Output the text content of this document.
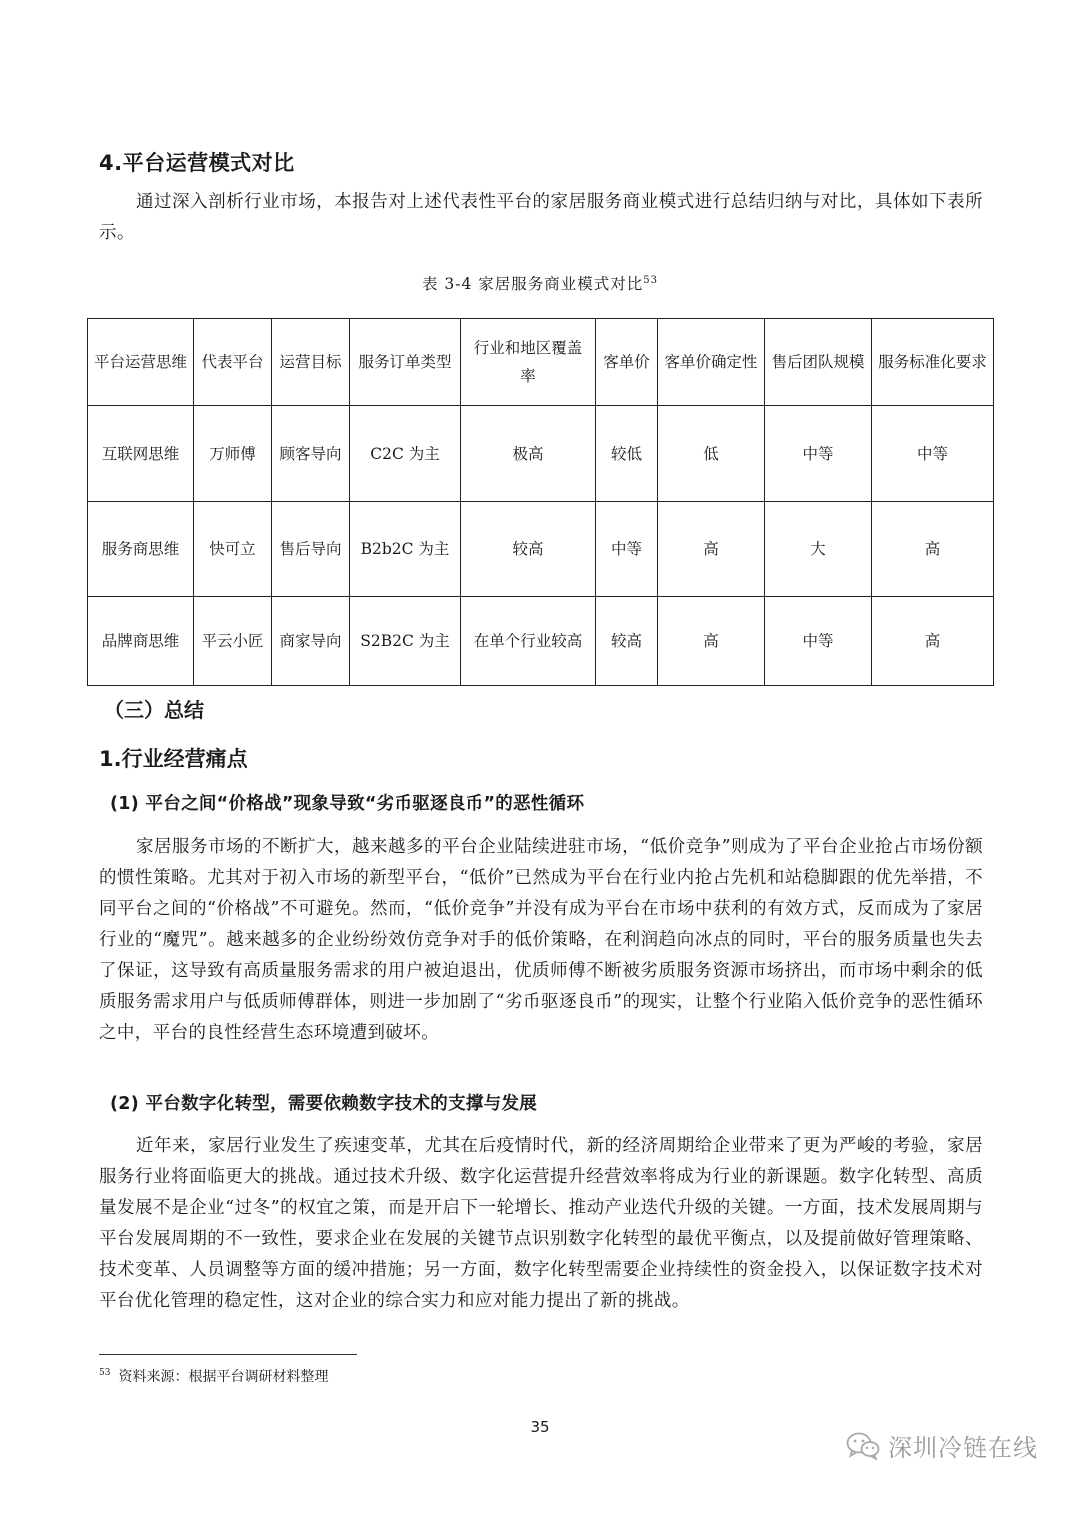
4.平台运营模式对比

通过深入剖析行业市场，本报告对上述代表性平台的家居服务商业模式进行总结归纳与对比，具体如下表所示。

表 3-4 家居服务商业模式对比$^{53}$
平台运营思维	代表平台	运营目标	服务订单类型	行业和地区覆盖率	客单价	客单价确定性	售后团队规模	服务标准化要求
互联网思维	万师傅	顾客导向	C2C 为主	极高	较低	低	中等	中等
服务商思维	快可立	售后导向	B2b2C 为主	较高	中等	高	大	高
品牌商思维	平云小匠	商家导向	S2B2C 为主	在单个行业较高	较高	高	中等	高
（三）总结
1.行业经营痛点
(1) 平台之间“价格战”现象导致“劣币驱逐良币”的恶性循环

家居服务市场的不断扩大，越来越多的平台企业陆续进驻市场，“低价竞争”则成为了平台企业抢占市场份额的惯性策略。尤其对于初入市场的新型平台，“低价”已然成为平台在行业内抢占先机和站稳脚跟的优先举措，不同平台之间的“价格战”不可避免。然而，“低价竞争”并没有成为平台在市场中获利的有效方式，反而成为了家居行业的“魔咒”。越来越多的企业纷纷效仿竞争对手的低价策略，在利润趋向冰点的同时，平台的服务质量也失去了保证，这导致有高质量服务需求的用户被迫退出，优质师傅不断被劣质服务资源市场挤出，而市场中剩余的低质服务需求用户与低质师傅群体，则进一步加剧了“劣币驱逐良币”的现实，让整个行业陷入低价竞争的恶性循环之中，平台的良性经营生态环境遭到破坏。

(2) 平台数字化转型，需要依赖数字技术的支撑与发展

近年来，家居行业发生了疾速变革，尤其在后疫情时代，新的经济周期给企业带来了更为严峻的考验，家居服务行业将面临更大的挑战。通过技术升级、数字化运营提升经营效率将成为行业的新课题。数字化转型、高质量发展不是企业“过冬”的权宜之策，而是开启下一轮增长、推动产业迭代升级的关键。一方面，技术发展周期与平台发展周期的不一致性，要求企业在发展的关键节点识别数字化转型的最优平衡点，以及提前做好管理策略、技术变革、人员调整等方面的缓冲措施；另一方面，数字化转型需要企业持续性的资金投入，以保证数字技术对平台优化管理的稳定性，这对企业的综合实力和应对能力提出了新的挑战。

$^{53}$ 资料来源：根据平台调研材料整理
35
深圳冷链在线
